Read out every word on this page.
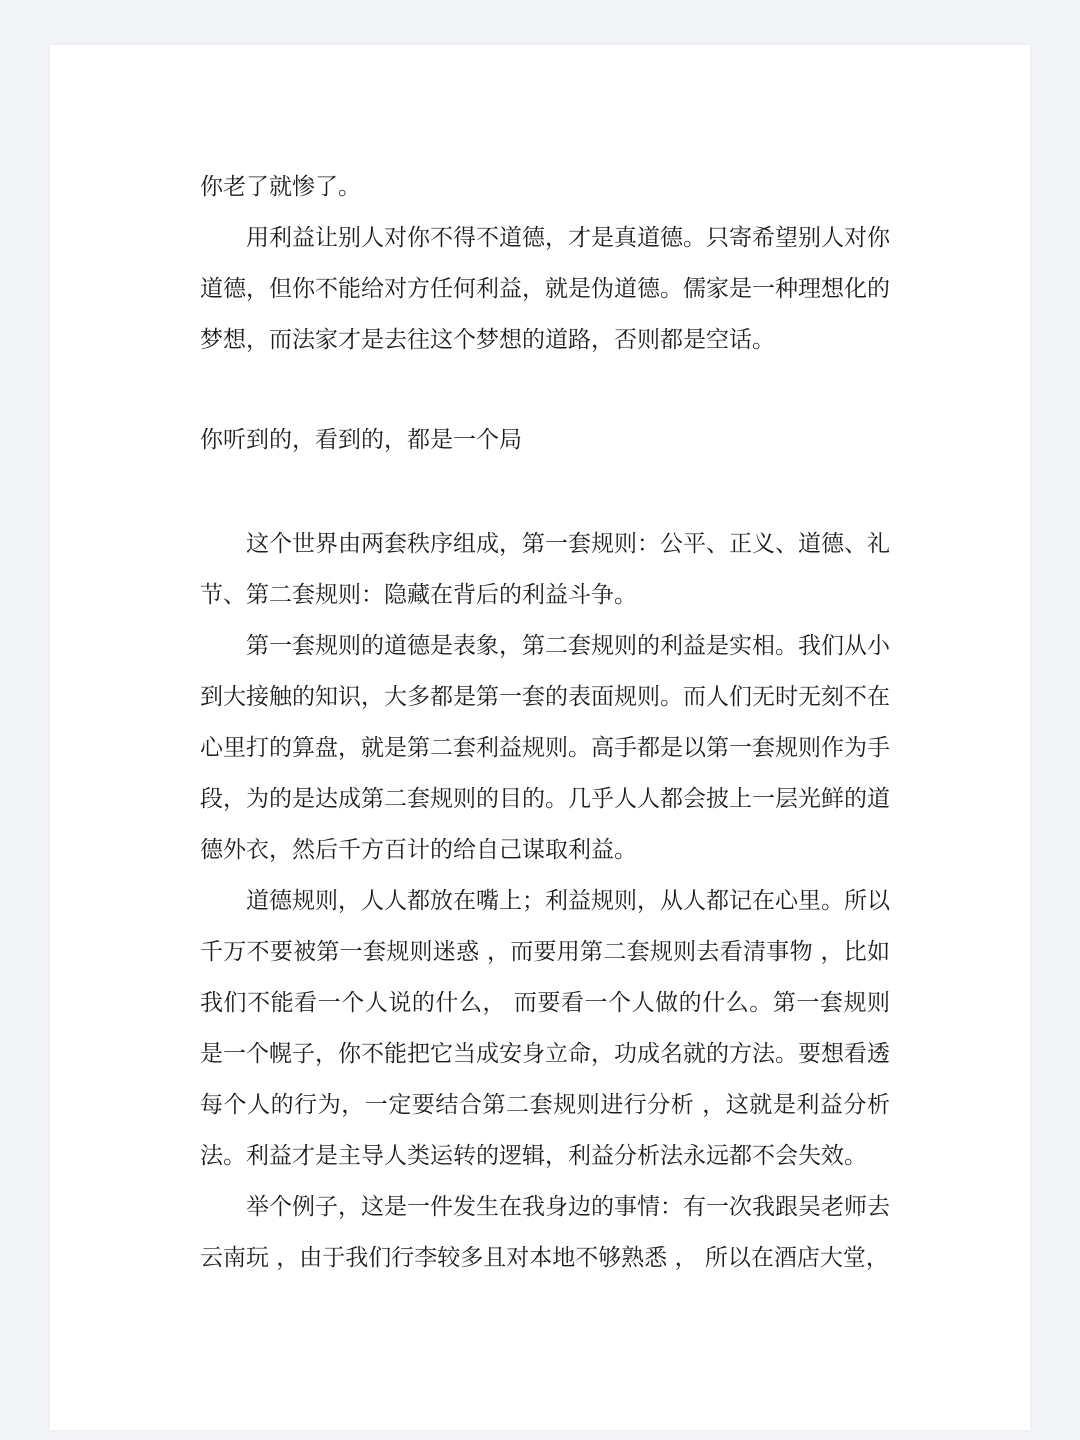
你老了就惨了。

用利益让别人对你不得不道德，才是真道德。只寄希望别人对你道德，但你不能给对方任何利益，就是伪道德。儒家是一种理想化的梦想，而法家才是去往这个梦想的道路，否则都是空话。

你听到的，看到的，都是一个局

这个世界由两套秩序组成，第一套规则：公平、正义、道德、礼节、第二套规则：隐藏在背后的利益斗争。

第一套规则的道德是表象，第二套规则的利益是实相。我们从小到大接触的知识，大多都是第一套的表面规则。而人们无时无刻不在心里打的算盘，就是第二套利益规则。高手都是以第一套规则作为手段，为的是达成第二套规则的目的。几乎人人都会披上一层光鲜的道德外衣，然后千方百计的给自己谋取利益。

道德规则，人人都放在嘴上；利益规则，从人都记在心里。所以千万不要被第一套规则迷惑 ，而要用第二套规则去看清事物 ，比如我们不能看一个人说的什么， 而要看一个人做的什么。第一套规则是一个幌子，你不能把它当成安身立命，功成名就的方法。要想看透每个人的行为，一定要结合第二套规则进行分析 ，这就是利益分析法。利益才是主导人类运转的逻辑，利益分析法永远都不会失效。

举个例子，这是一件发生在我身边的事情：有一次我跟吴老师去云南玩 ，由于我们行李较多且对本地不够熟悉 ， 所以在酒店大堂，
